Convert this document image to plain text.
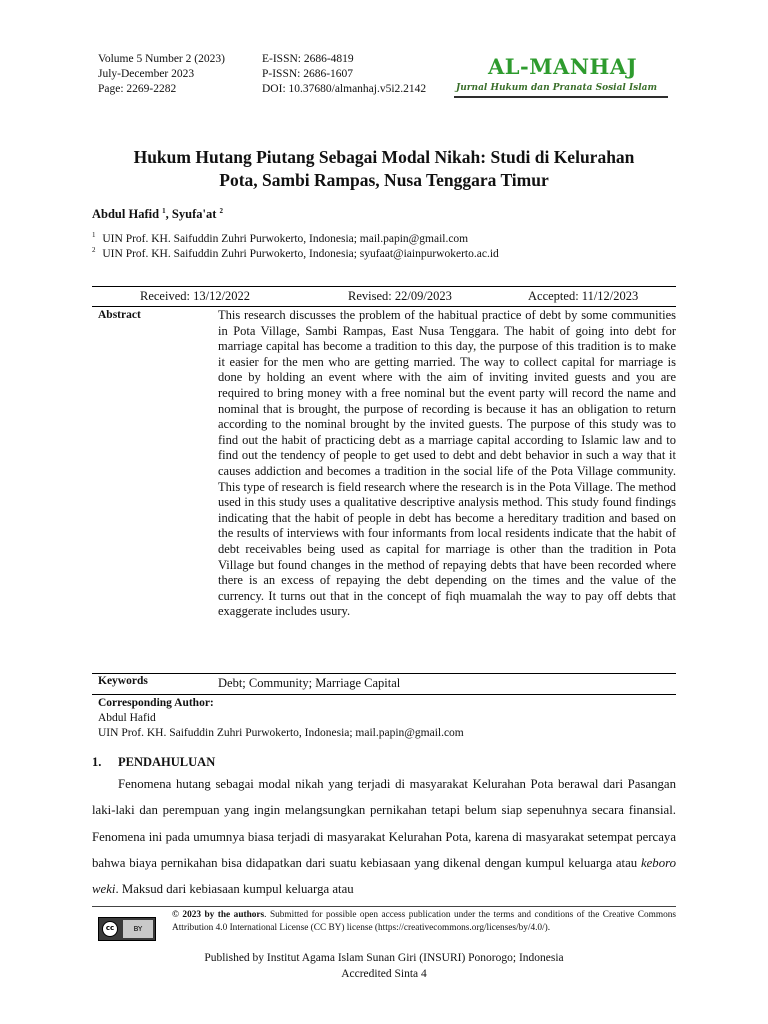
Volume 5 Number 2 (2023)
July-December 2023
Page: 2269-2282
E-ISSN: 2686-4819
P-ISSN: 2686-1607
DOI: 10.37680/almanhaj.v5i2.2142
AL-MANHAJ
Jurnal Hukum dan Pranata Sosial Islam
Hukum Hutang Piutang Sebagai Modal Nikah: Studi di Kelurahan
Pota, Sambi Rampas, Nusa Tenggara Timur
Abdul Hafid $^1$, Syufa'at $^2$
$^1$ UIN Prof. KH. Saifuddin Zuhri Purwokerto, Indonesia; mail.papin@gmail.com
$^2$ UIN Prof. KH. Saifuddin Zuhri Purwokerto, Indonesia; syufaat@iainpurwokerto.ac.id
Received: 13/12/2022	Revised: 22/09/2023	Accepted: 11/12/2023
Abstract	This research discusses the problem of the habitual practice of debt by some communities in Pota Village, Sambi Rampas, East Nusa Tenggara. The habit of going into debt for marriage capital has become a tradition to this day, the purpose of this tradition is to make it easier for the men who are getting married. The way to collect capital for marriage is done by holding an event where with the aim of inviting invited guests and you are required to bring money with a free nominal but the event party will record the name and nominal that is brought, the purpose of recording is because it has an obligation to return according to the nominal brought by the invited guests. The purpose of this study was to find out the habit of practicing debt as a marriage capital according to Islamic law and to find out the tendency of people to get used to debt and debt behavior in such a way that it causes addiction and becomes a tradition in the social life of the Pota Village community. This type of research is field research where the research is in the Pota Village. The method used in this study uses a qualitative descriptive analysis method. This study found findings indicating that the habit of people in debt has become a hereditary tradition and based on the results of interviews with four informants from local residents indicate that the habit of debt receivables being used as capital for marriage is other than the tradition in Pota Village but found changes in the method of repaying debts that have been recorded where there is an excess of repaying the debt depending on the times and the value of the currency. It turns out that in the concept of fiqh muamalah the way to pay off debts that exaggerate includes usury.
Keywords	Debt; Community; Marriage Capital
Corresponding Author:
Abdul Hafid
UIN Prof. KH. Saifuddin Zuhri Purwokerto, Indonesia; mail.papin@gmail.com
1. PENDAHULUAN
Fenomena hutang sebagai modal nikah yang terjadi di masyarakat Kelurahan Pota berawal dari Pasangan laki-laki dan perempuan yang ingin melangsungkan pernikahan tetapi belum siap sepenuhnya secara finansial. Fenomena ini pada umumnya biasa terjadi di masyarakat Kelurahan Pota, karena di masyarakat setempat percaya bahwa biaya pernikahan bisa didapatkan dari suatu kebiasaan yang dikenal dengan kumpul keluarga atau keboro weki. Maksud dari kebiasaan kumpul keluarga atau
cc	BY
© 2023 by the authors. Submitted for possible open access publication under the terms and conditions of the Creative Commons Attribution 4.0 International License (CC BY) license (https://creativecommons.org/licenses/by/4.0/).
Published by Institut Agama Islam Sunan Giri (INSURI) Ponorogo; Indonesia
Accredited Sinta 4
